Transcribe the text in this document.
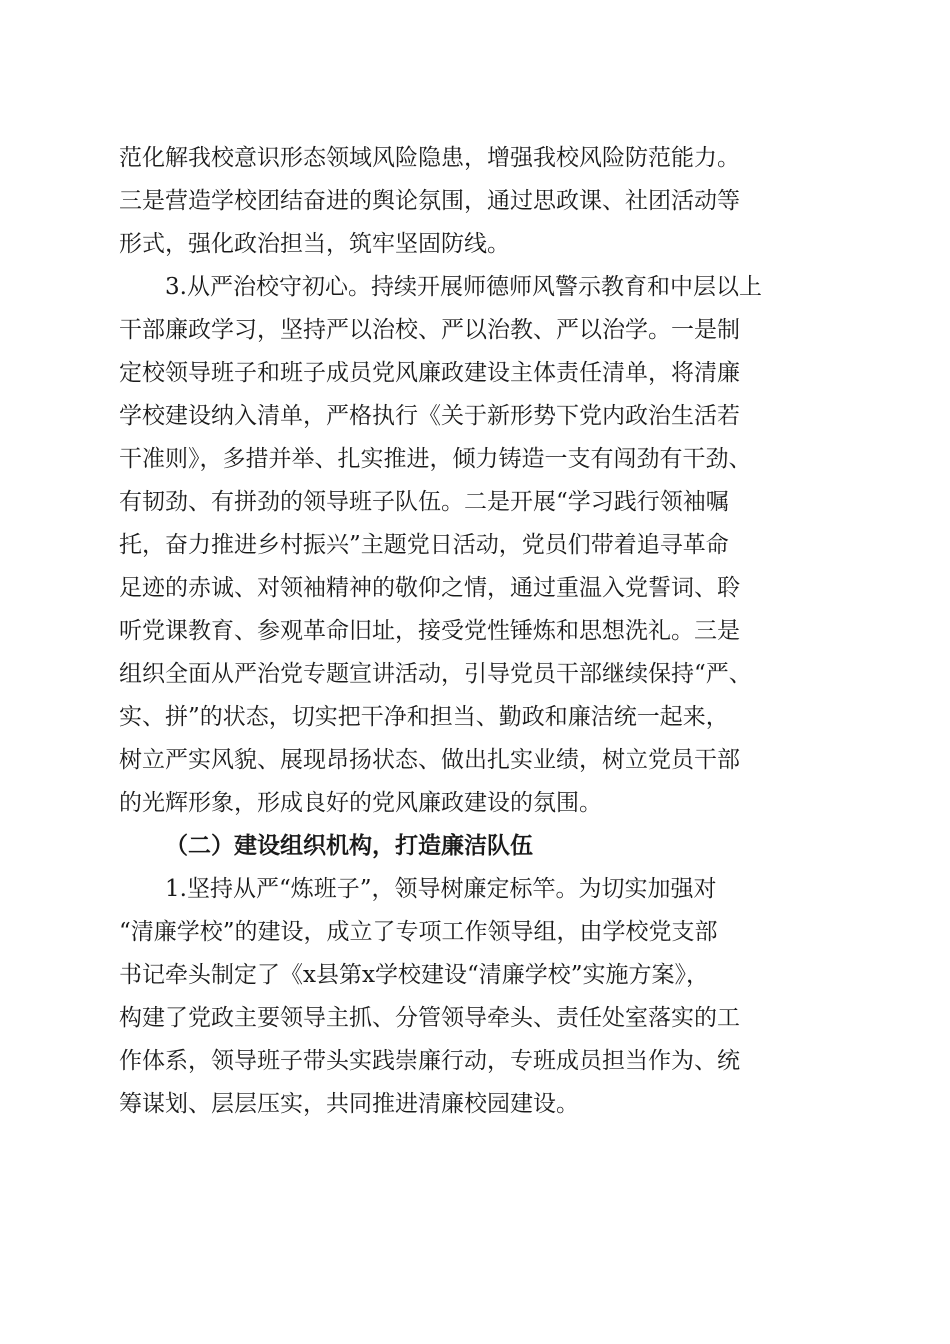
范化解我校意识形态领域风险隐患，增强我校风险防范能力。

三是营造学校团结奋进的舆论氛围，通过思政课、社团活动等

形式，强化政治担当，筑牢坚固防线。

3.从严治校守初心。持续开展师德师风警示教育和中层以上

干部廉政学习，坚持严以治校、严以治教、严以治学。一是制

定校领导班子和班子成员党风廉政建设主体责任清单，将清廉

学校建设纳入清单，严格执行《关于新形势下党内政治生活若

干准则》，多措并举、扎实推进，倾力铸造一支有闯劲有干劲、

有韧劲、有拼劲的领导班子队伍。二是开展“学习践行领袖嘱

托，奋力推进乡村振兴”主题党日活动，党员们带着追寻革命

足迹的赤诚、对领袖精神的敬仰之情，通过重温入党誓词、聆

听党课教育、参观革命旧址，接受党性锤炼和思想洗礼。三是

组织全面从严治党专题宣讲活动，引导党员干部继续保持“严、

实、拼”的状态，切实把干净和担当、勤政和廉洁统一起来，

树立严实风貌、展现昂扬状态、做出扎实业绩，树立党员干部

的光辉形象，形成良好的党风廉政建设的氛围。

（二）建设组织机构，打造廉洁队伍

1.坚持从严“炼班子”，领导树廉定标竿。为切实加强对

“清廉学校”的建设，成立了专项工作领导组，由学校党支部

书记牵头制定了《x县第x学校建设“清廉学校”实施方案》，

构建了党政主要领导主抓、分管领导牵头、责任处室落实的工

作体系，领导班子带头实践崇廉行动，专班成员担当作为、统

筹谋划、层层压实，共同推进清廉校园建设。
